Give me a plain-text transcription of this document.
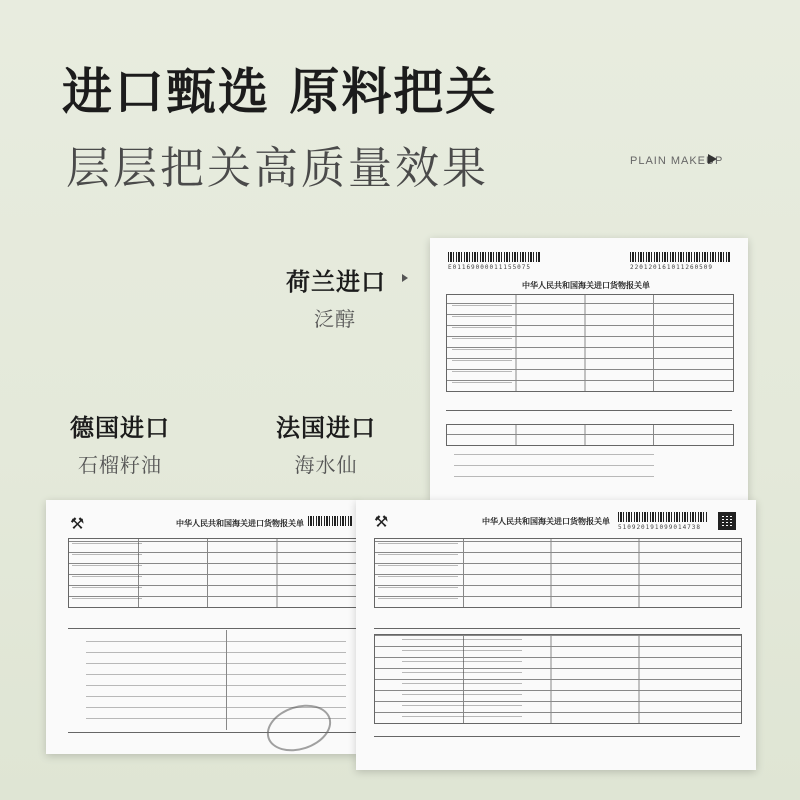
进口甄选 原料把关
层层把关高质量效果	PLAIN MAKEUP
荷兰进口
泛醇
德国进口
石榴籽油
法国进口
海水仙
E01169000011155075	220120161011260509
中华人民共和国海关进口货物报关单
⚒	中华人民共和国海关进口货物报关单	⚒	中华人民共和国海关进口货物报关单
510920191099014738
